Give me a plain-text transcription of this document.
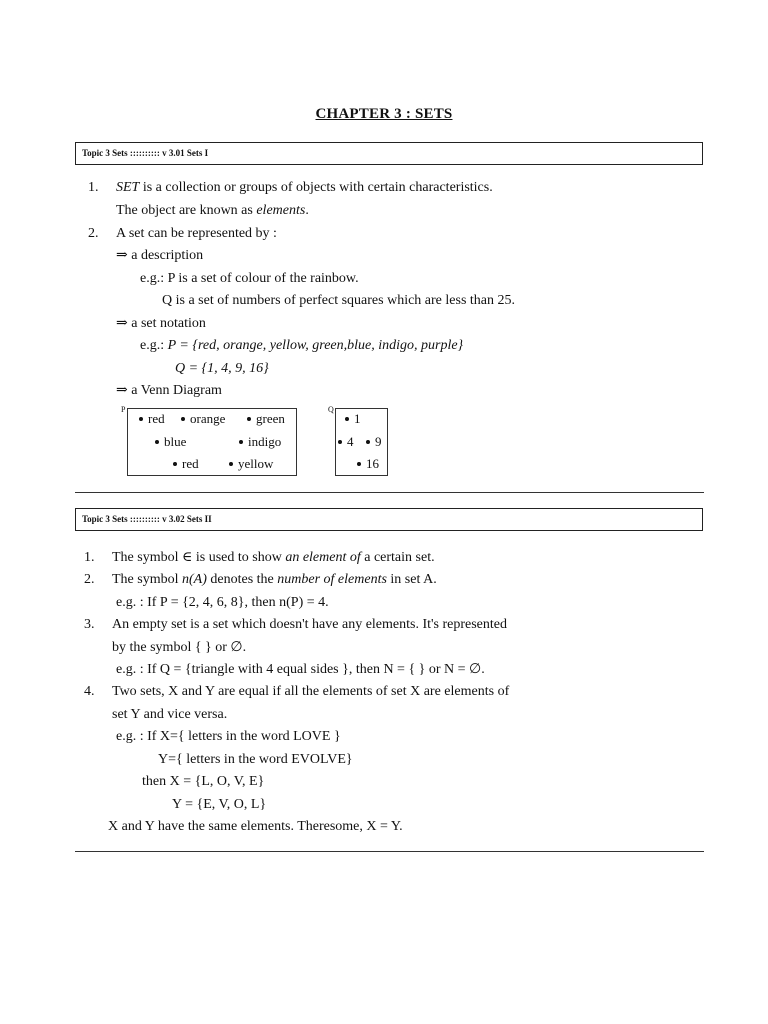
CHAPTER 3 : SETS
Topic 3 Sets :::::::::: v 3.01 Sets I
1. SET is a collection or groups of objects with certain characteristics.
The object are known as elements.
2. A set can be represented by :
⇒ a description
e.g.: P is a set of colour of the rainbow.
Q is a set of numbers of perfect squares which are less than 25.
⇒ a set notation
e.g.: P = {red, orange, yellow, green,blue, indigo, purple}
Q = {1, 4, 9, 16}
⇒ a Venn Diagram
P
red	orange	green
blue	indigo
red	yellow
Q
1
4	9
16
Topic 3 Sets :::::::::: v 3.02 Sets II
1. The symbol ∈ is used to show an element of a certain set.
2. The symbol n(A) denotes the number of elements in set A.
e.g. : If P = {2, 4, 6, 8}, then n(P) = 4.
3. An empty set is a set which doesn't have any elements. It's represented
by the symbol { } or ∅.
e.g. : If Q = {triangle with 4 equal sides }, then N = { } or N = ∅.
4. Two sets, X and Y are equal if all the elements of set X are elements of
set Y and vice versa.
e.g. : If X={ letters in the word LOVE }
Y={ letters in the word EVOLVE}
then X = {L, O, V, E}
Y = {E, V, O, L}
X and Y have the same elements. Theresome, X = Y.
